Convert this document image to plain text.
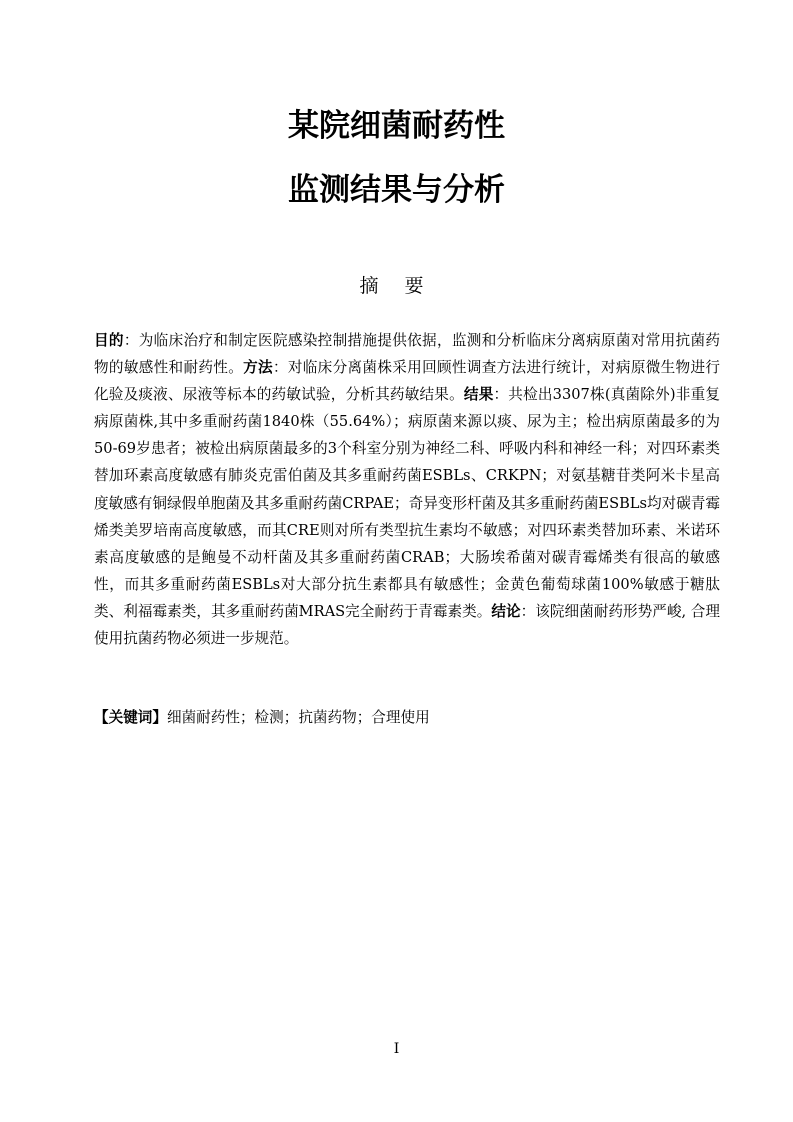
某院细菌耐药性
监测结果与分析
摘 要
目的：为临床治疗和制定医院感染控制措施提供依据，监测和分析临床分离病原菌对常用抗菌药物的敏感性和耐药性。方法：对临床分离菌株采用回顾性调查方法进行统计，对病原微生物进行化验及痰液、尿液等标本的药敏试验，分析其药敏结果。结果：共检出3307株(真菌除外)非重复病原菌株,其中多重耐药菌1840株（55.64%）；病原菌来源以痰、尿为主；检出病原菌最多的为50-69岁患者；被检出病原菌最多的3个科室分别为神经二科、呼吸内科和神经一科；对四环素类替加环素高度敏感有肺炎克雷伯菌及其多重耐药菌ESBLs、CRKPN；对氨基糖苷类阿米卡星高度敏感有铜绿假单胞菌及其多重耐药菌CRPAE；奇异变形杆菌及其多重耐药菌ESBLs均对碳青霉烯类美罗培南高度敏感，而其CRE则对所有类型抗生素均不敏感；对四环素类替加环素、米诺环素高度敏感的是鲍曼不动杆菌及其多重耐药菌CRAB；大肠埃希菌对碳青霉烯类有很高的敏感性，而其多重耐药菌ESBLs对大部分抗生素都具有敏感性；金黄色葡萄球菌100%敏感于糖肽类、利福霉素类，其多重耐药菌MRAS完全耐药于青霉素类。结论：该院细菌耐药形势严峻, 合理使用抗菌药物必须进一步规范。
【关键词】细菌耐药性；检测；抗菌药物；合理使用
I
